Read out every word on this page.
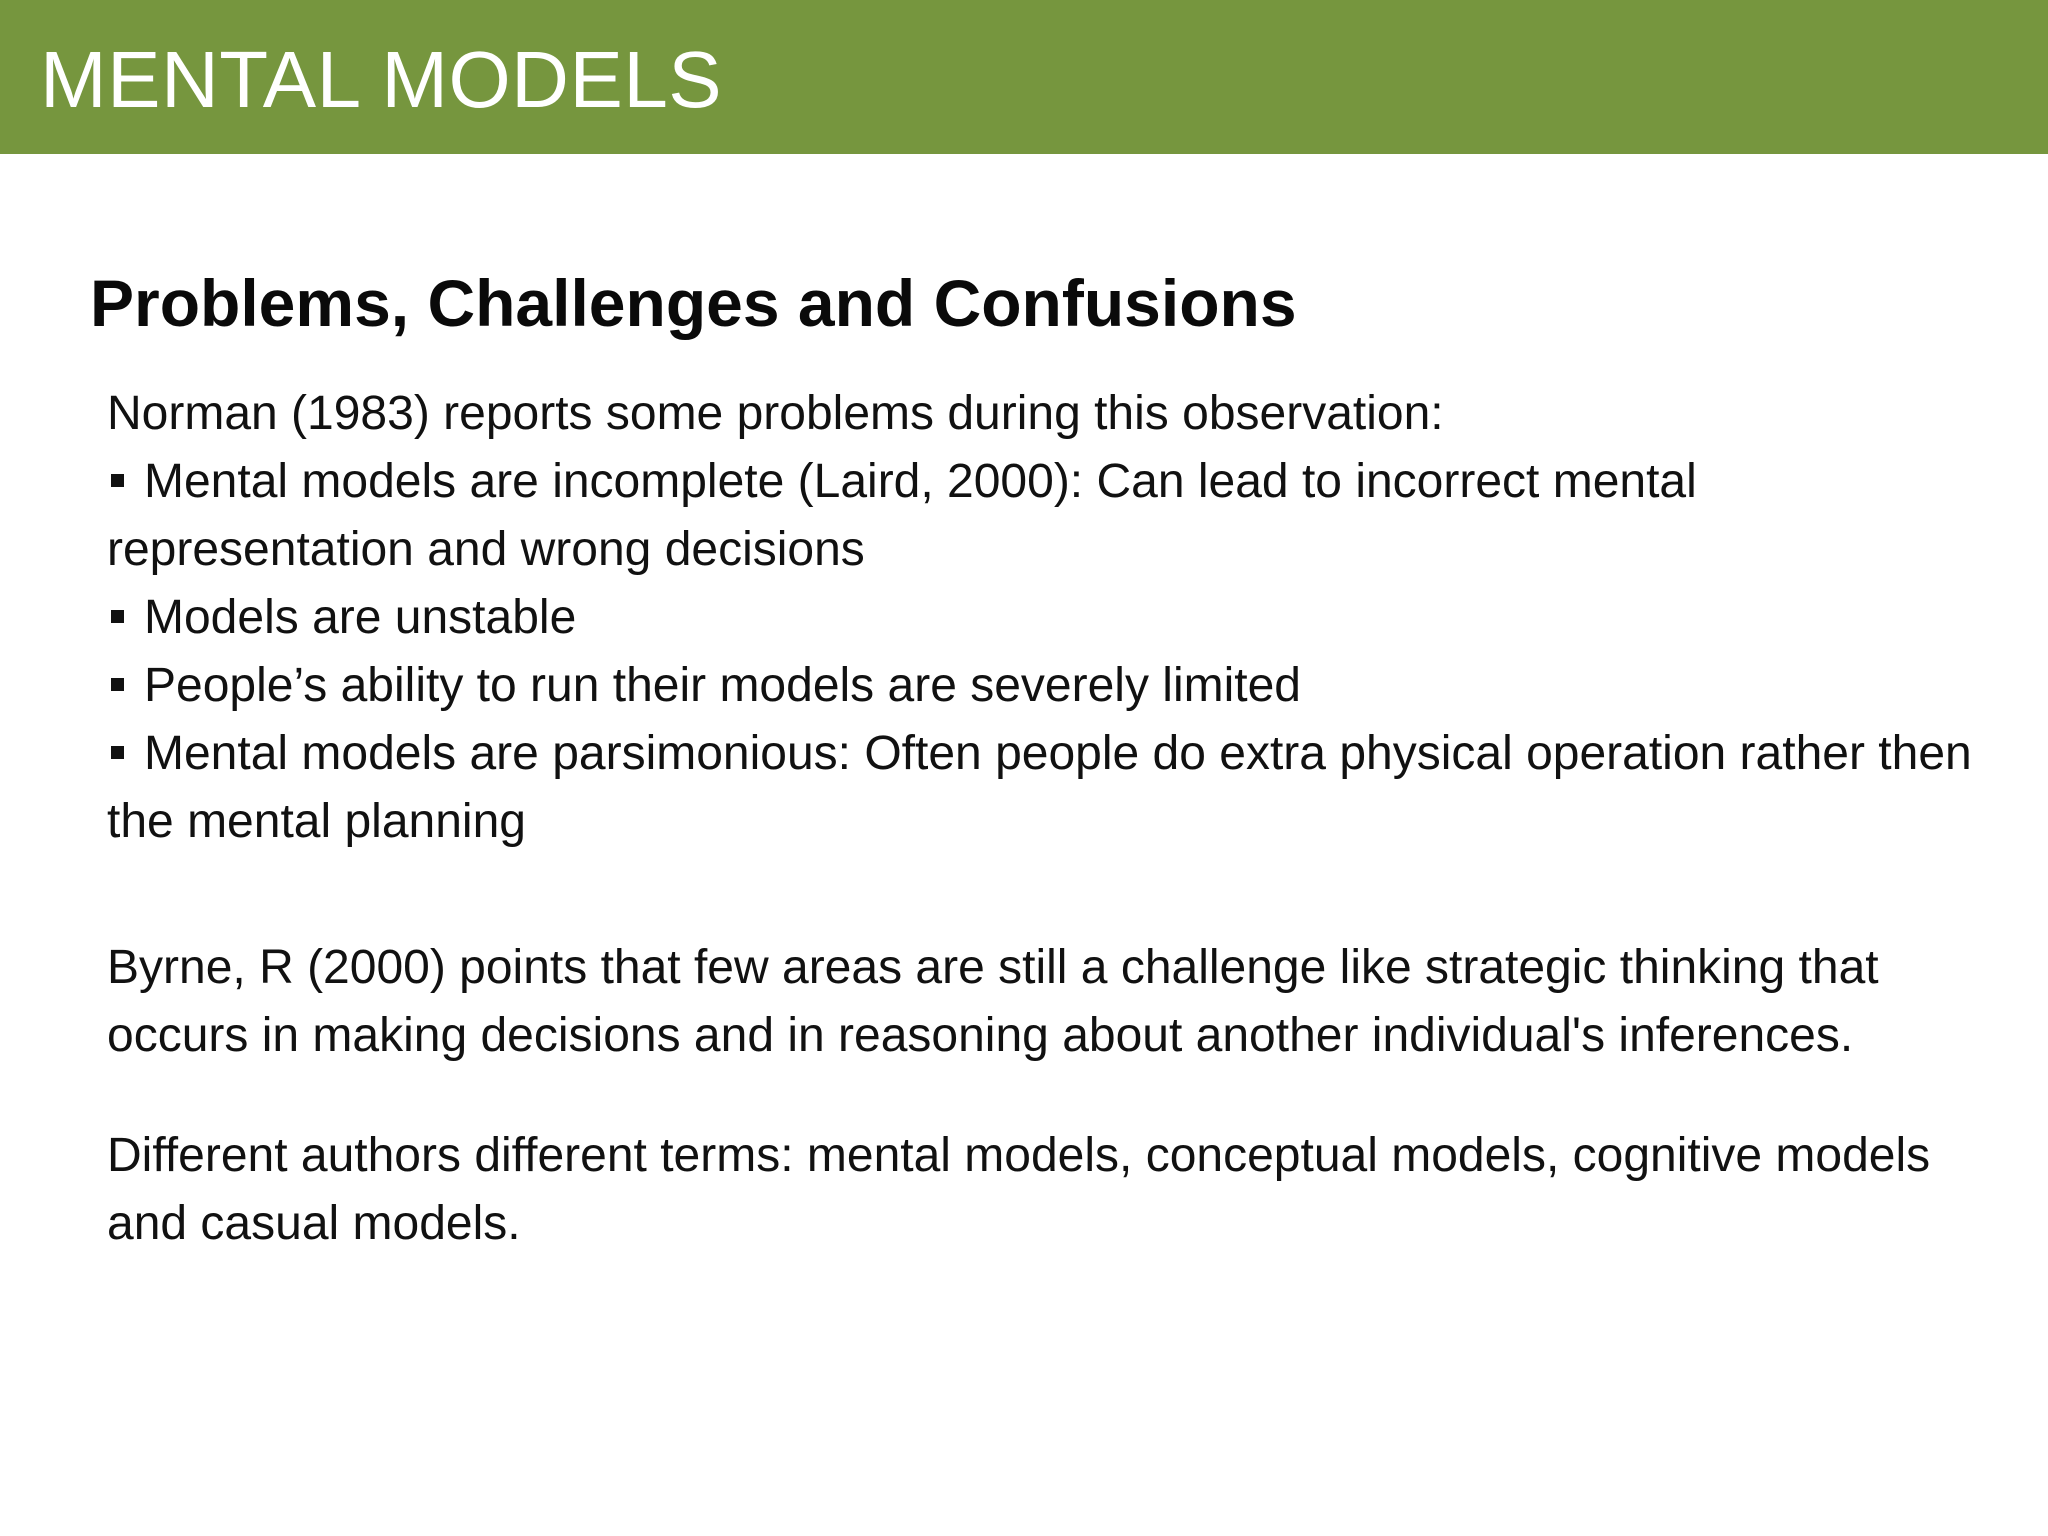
MENTAL MODELS
Problems, Challenges and Confusions

Norman (1983) reports some problems during this observation:

Mental models are incomplete (Laird, 2000): Can lead to incorrect mental representation and wrong decisions

Models are unstable

People’s ability to run their models are severely limited

Mental models are parsimonious: Often people do extra physical operation rather then the mental planning

Byrne, R (2000) points that few areas are still a challenge like strategic thinking that occurs in making decisions and in reasoning about another individual's inferences.

Different authors different terms: mental models, conceptual models, cognitive models and casual models.
